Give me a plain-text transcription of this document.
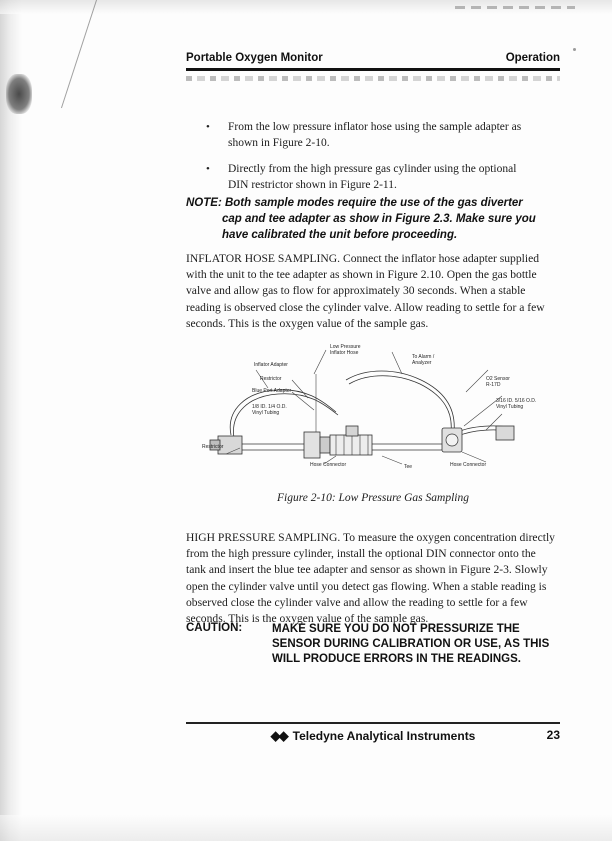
Portable Oxygen Monitor	Operation
•	From the low pressure inflator hose using the sample adapter as shown in Figure 2-10.
•	Directly from the high pressure gas cylinder using the optional DIN restrictor shown in Figure 2-11.
NOTE: Both sample modes require the use of the gas diverter
cap and tee adapter as show in Figure 2.3. Make sure you
have calibrated the unit before proceeding.
INFLATOR HOSE SAMPLING. Connect the inflator hose adapter supplied with the unit to the tee adapter as shown in Figure 2.10. Open the gas bottle valve and allow gas to flow for approximately 30 seconds. When a stable reading is observed close the cylinder valve. Allow reading to settle for a few seconds. This is the oxygen value of the sample gas.
Low Pressure
Inflator Hose
Inflator Adapter
Restrictor
Blue Port Adapter
1/8 ID. 1/4 O.D.
Vinyl Tubing
Hose Connector	Tee	Hose Connector
To Alarm /
Analyzer
O2 Sensor
R-17D
3/16 ID. 5/16 O.D.
Vinyl Tubing
Restrictor
Figure 2-10: Low Pressure Gas Sampling
HIGH PRESSURE SAMPLING. To measure the oxygen concentration directly from the high pressure cylinder, install the optional DIN connector onto the tank and insert the blue tee adapter and sensor as shown in Figure 2-3. Slowly open the cylinder valve until you detect gas flowing. When a stable reading is observed close the cylinder valve and allow the reading to settle for a few seconds. This is the oxygen value of the sample gas.
CAUTION:	MAKE SURE YOU DO NOT PRESSURIZE THE
SENSOR DURING CALIBRATION OR USE, AS THIS
WILL PRODUCE ERRORS IN THE READINGS.
◆◆ Teledyne Analytical Instruments	23
